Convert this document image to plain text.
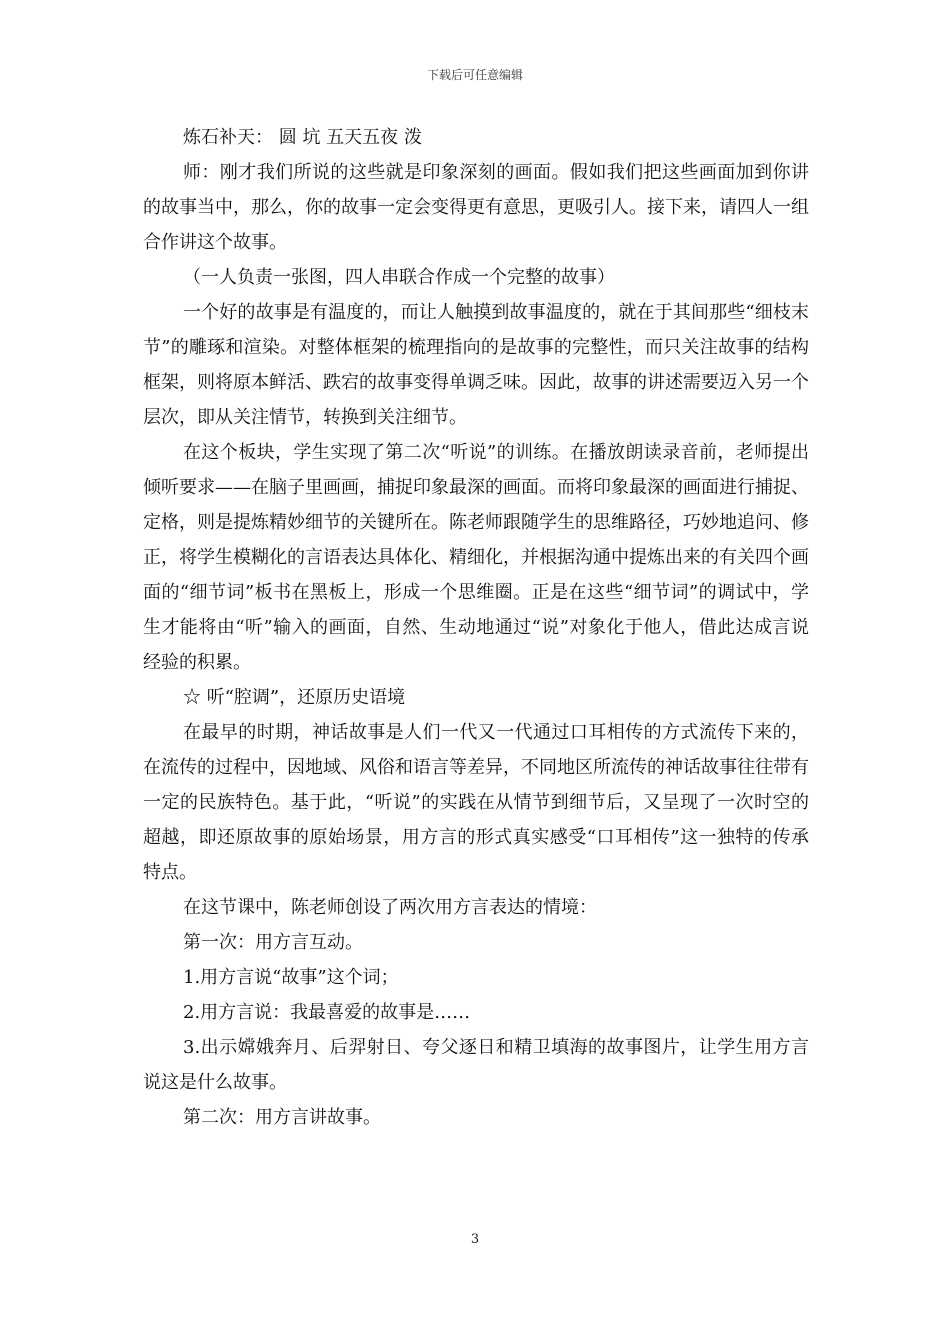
下载后可任意编辑

炼石补天： 圆 坑 五天五夜 泼

师：刚才我们所说的这些就是印象深刻的画面。假如我们把这些画面加到你讲的故事当中，那么，你的故事一定会变得更有意思，更吸引人。接下来，请四人一组合作讲这个故事。

（一人负责一张图，四人串联合作成一个完整的故事）

一个好的故事是有温度的，而让人触摸到故事温度的，就在于其间那些“细枝末节”的雕琢和渲染。对整体框架的梳理指向的是故事的完整性，而只关注故事的结构框架，则将原本鲜活、跌宕的故事变得单调乏味。因此，故事的讲述需要迈入另一个层次，即从关注情节，转换到关注细节。

在这个板块，学生实现了第二次“听说”的训练。在播放朗读录音前，老师提出倾听要求——在脑子里画画，捕捉印象最深的画面。而将印象最深的画面进行捕捉、定格，则是提炼精妙细节的关键所在。陈老师跟随学生的思维路径，巧妙地追问、修正，将学生模糊化的言语表达具体化、精细化，并根据沟通中提炼出来的有关四个画面的“细节词”板书在黑板上，形成一个思维圈。正是在这些“细节词”的调试中，学生才能将由“听”输入的画面，自然、生动地通过“说”对象化于他人，借此达成言说经验的积累。

☆ 听“腔调”，还原历史语境

在最早的时期，神话故事是人们一代又一代通过口耳相传的方式流传下来的，在流传的过程中，因地域、风俗和语言等差异，不同地区所流传的神话故事往往带有一定的民族特色。基于此，“听说”的实践在从情节到细节后，又呈现了一次时空的超越，即还原故事的原始场景，用方言的形式真实感受“口耳相传”这一独特的传承特点。

在这节课中，陈老师创设了两次用方言表达的情境：

第一次：用方言互动。

1.用方言说“故事”这个词；

2.用方言说：我最喜爱的故事是……

3.出示嫦娥奔月、后羿射日、夸父逐日和精卫填海的故事图片，让学生用方言说这是什么故事。

第二次：用方言讲故事。

3
